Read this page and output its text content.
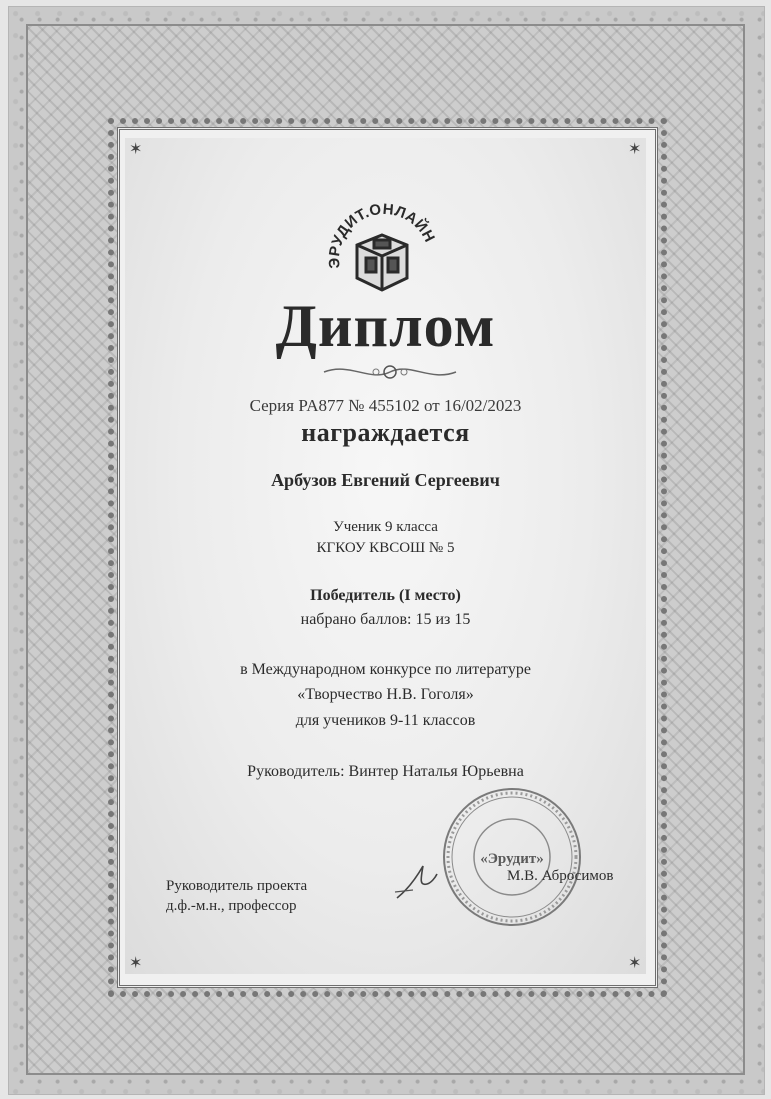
✶	✶
✶	✶
ЭРУДИТ.ОНЛАЙН
Диплом
Серия PA877 № 455102 от 16/02/2023
награждается
Арбузов Евгений Сергеевич
Ученик 9 класса
КГКОУ КВСОШ № 5
Победитель (I место)
набрано баллов: 15 из 15
в Международном конкурсе по литературе
«Творчество Н.В. Гоголя»
для учеников 9-11 классов
Руководитель: Винтер Наталья Юрьевна
«Эрудит»
Руководитель проекта
д.ф.-м.н., профессор
М.В. Абросимов
